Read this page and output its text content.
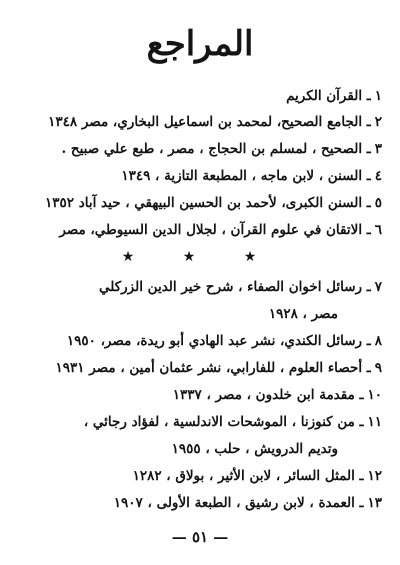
المراجع
١ـ القرآن الكريم
٢ـ الجامع الصحيح، لمحمد بن اسماعيل البخاري، مصر ١٣٤٨
٣ـ الصحيح ، لمسلم بن الحجاج ، مصر ، طبع علي صبيح .
٤ـ السنن ، لابن ماجه ، المطبعة التازية ، ١٣٤٩
٥ـ السنن الكبرى، لأحمد بن الحسين البيهقي ، حيد آباد ١٣٥٢
٦ـ الاتقان في علوم القرآن ، لجلال الدين السيوطي، مصر
★ ★ ★
٧ـ رسائل اخوان الصفاء ، شرح خير الدين الزركلي
مصر ، ١٩٢٨
٨ـ رسائل الكندي، نشر عبد الهادي أبو ريدة، مصر، ١٩٥٠
٩ـ أحصاء العلوم ، للفارابي، نشر عثمان أمين ، مصر ١٩٣١
١٠ـ مقدمة ابن خلدون ، مصر ، ١٣٣٧
١١ـ من كنوزنا ، الموشحات الاندلسية ، لفؤاد رجائي ،
وتديم الدرويش ، حلب ، ١٩٥٥
١٢ـ المثل السائر ، لابن الأثير ، بولاق ، ١٢٨٢
١٣ـ العمدة ، لابن رشيق ، الطبعة الأولى ، ١٩٠٧
— ٥١ —
